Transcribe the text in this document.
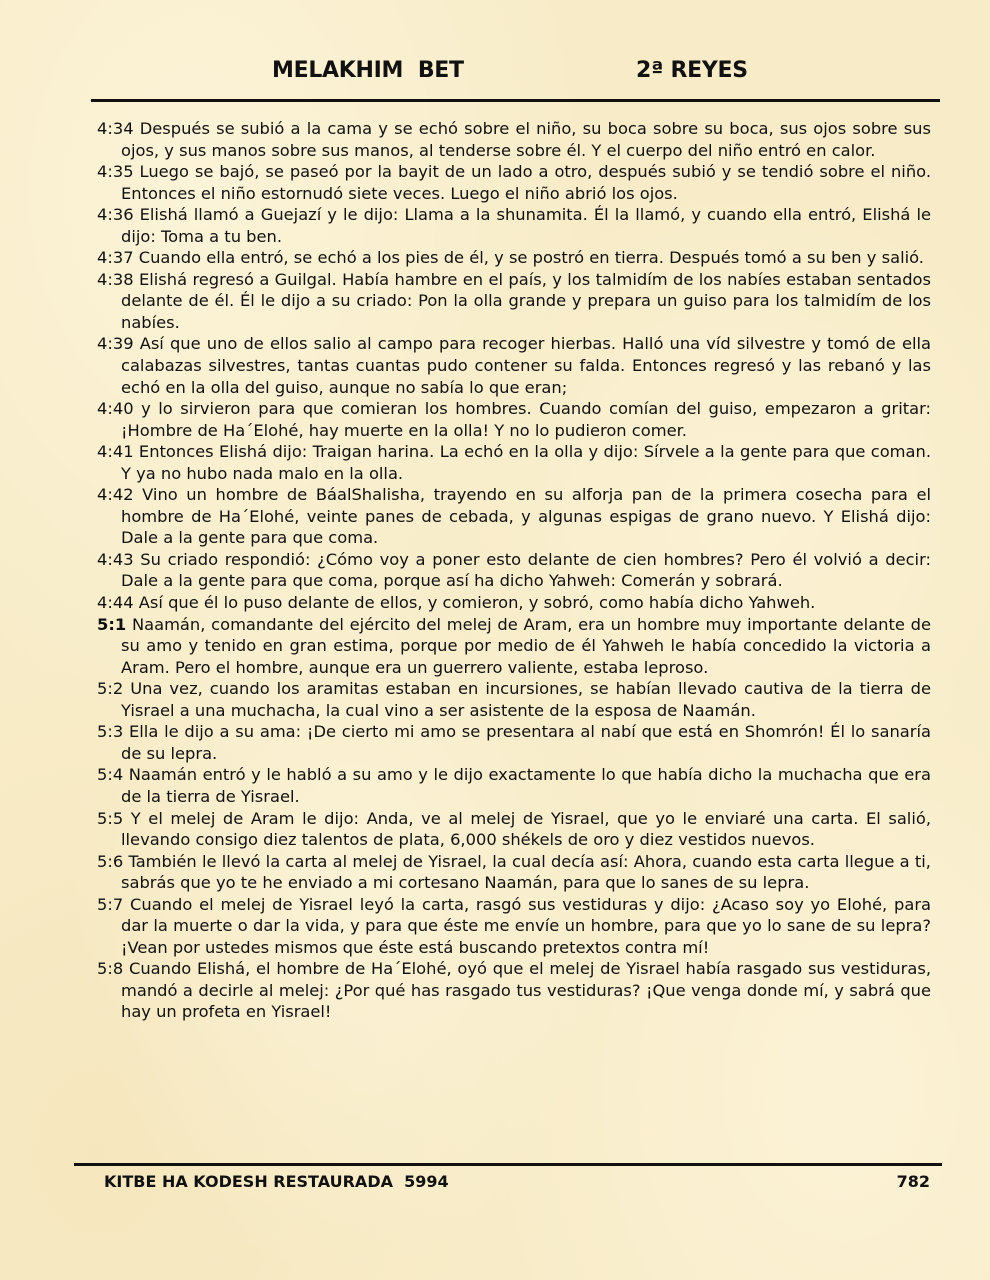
MELAKHIM  BET	2ª REYES

4:34 Después se subió a la cama y se echó sobre el niño, su boca sobre su boca, sus ojos sobre sus ojos, y sus manos sobre sus manos, al tenderse sobre él. Y el cuerpo del niño entró en calor.

4:35 Luego se bajó, se paseó por la bayit de un lado a otro, después subió y se tendió sobre el niño. Entonces el niño estornudó siete veces. Luego el niño abrió los ojos.

4:36 Elishá llamó a Guejazí y le dijo: Llama a la shunamita. Él la llamó, y cuando ella entró, Elishá le dijo: Toma a tu ben.

4:37 Cuando ella entró, se echó a los pies de él, y se postró en tierra. Después tomó a su ben y salió.

4:38 Elishá regresó a Guilgal. Había hambre en el país, y los talmidím de los nabíes estaban sentados delante de él. Él le dijo a su criado: Pon la olla grande y prepara un guiso para los talmidím de los nabíes.

4:39 Así que uno de ellos salio al campo para recoger hierbas. Halló una víd silvestre y tomó de ella calabazas silvestres, tantas cuantas pudo contener su falda. Entonces regresó y las rebanó y las echó en la olla del guiso, aunque no sabía lo que eran;

4:40 y lo sirvieron para que comieran los hombres. Cuando comían del guiso, empezaron a gritar: ¡Hombre de Ha´Elohé, hay muerte en la olla! Y no lo pudieron comer.

4:41 Entonces Elishá dijo: Traigan harina. La echó en la olla y dijo: Sírvele a la gente para que coman. Y ya no hubo nada malo en la olla.

4:42 Vino un hombre de BáalShalisha, trayendo en su alforja pan de la primera cosecha para el hombre de Ha´Elohé, veinte panes de cebada, y algunas espigas de grano nuevo. Y Elishá dijo: Dale a la gente para que coma.

4:43 Su criado respondió: ¿Cómo voy a poner esto delante de cien hombres? Pero él volvió a decir: Dale a la gente para que coma, porque así ha dicho Yahweh: Comerán y sobrará.

4:44 Así que él lo puso delante de ellos, y comieron, y sobró, como había dicho Yahweh.

5:1 Naamán, comandante del ejército del melej de Aram, era un hombre muy importante delante de su amo y tenido en gran estima, porque por medio de él Yahweh le había concedido la victoria a Aram. Pero el hombre, aunque era un guerrero valiente, estaba leproso.

5:2 Una vez, cuando los aramitas estaban en incursiones, se habían llevado cautiva de la tierra de Yisrael a una muchacha, la cual vino a ser asistente de la esposa de Naamán.

5:3 Ella le dijo a su ama: ¡De cierto mi amo se presentara al nabí que está en Shomrón! Él lo sanaría de su lepra.

5:4 Naamán entró y le habló a su amo y le dijo exactamente lo que había dicho la muchacha que era de la tierra de Yisrael.

5:5 Y el melej de Aram le dijo: Anda, ve al melej de Yisrael, que yo le enviaré una carta. El salió, llevando consigo diez talentos de plata, 6,000 shékels de oro y diez vestidos nuevos.

5:6 También le llevó la carta al melej de Yisrael, la cual decía así: Ahora, cuando esta carta llegue a ti, sabrás que yo te he enviado a mi cortesano Naamán, para que lo sanes de su lepra.

5:7 Cuando el melej de Yisrael leyó la carta, rasgó sus vestiduras y dijo: ¿Acaso soy yo Elohé, para dar la muerte o dar la vida, y para que éste me envíe un hombre, para que yo lo sane de su lepra? ¡Vean por ustedes mismos que éste está buscando pretextos contra mí!

5:8 Cuando Elishá, el hombre de Ha´Elohé, oyó que el melej de Yisrael había rasgado sus vestiduras, mandó a decirle al melej: ¿Por qué has rasgado tus vestiduras? ¡Que venga donde mí, y sabrá que hay un profeta en Yisrael!

KITBE HA KODESH RESTAURADA  5994	782
